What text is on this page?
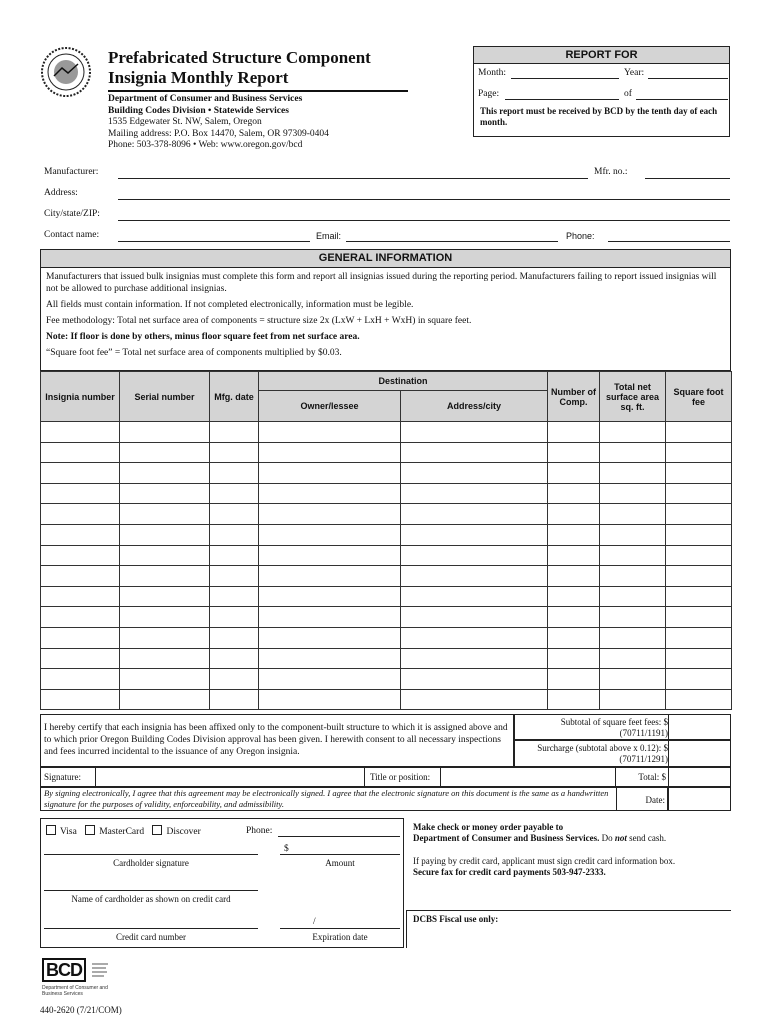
Prefabricated Structure Component
Insignia Monthly Report
Department of Consumer and Business Services
Building Codes Division • Statewide Services
1535 Edgewater St. NW, Salem, Oregon
Mailing address: P.O. Box 14470, Salem, OR 97309-0404
Phone: 503-378-8096 • Web: www.oregon.gov/bcd
REPORT FOR
Month:	Year:
Page:	of
This report must be received by BCD by the tenth day of each month.
Manufacturer:	Mfr. no.:
Address:
City/state/ZIP:
Contact name:	Email:	Phone:
GENERAL INFORMATION
Manufacturers that issued bulk insignias must complete this form and report all insignias issued during the reporting period. Manufacturers failing to report issued insignias will not be allowed to purchase additional insignias.
All fields must contain information. If not completed electronically, information must be legible.
Fee methodology: Total net surface area of components = structure size 2x (LxW + LxH + WxH) in square feet.
Note: If floor is done by others, minus floor square feet from net surface area.
“Square foot fee” = Total net surface area of components multiplied by $0.03.
Insignia number	Serial number	Mfg. date	Destination		Number of Comp.	Total net surface area sq. ft.	Square foot fee
			Owner/lessee	Address/city			

I hereby certify that each insignia has been affixed only to the component-built structure to which it is assigned above and to which prior Oregon Building Codes Division approval has been given. I herewith consent to all necessary inspections and fees incurred incidental to the issuance of any Oregon insignia.
Subtotal of square feet fees: $
(70711/1191)
Surcharge (subtotal above x 0.12): $
(70711/1291)
Signature:	Title or position:	Total: $
By signing electronically, I agree that this agreement may be electronically signed. I agree that the electronic signature on this document is the same as a handwritten signature for the purposes of validity, enforceability, and admissibility.	Date:
Visa MasterCard Discover	Phone:
$
Cardholder signature	Amount
Name of cardholder as shown on credit card
/
Credit card number	Expiration date
Make check or money order payable to
Department of Consumer and Business Services. Do not send cash.
If paying by credit card, applicant must sign credit card information box.
Secure fax for credit card payments 503-947-2333.
DCBS Fiscal use only:
BCD
Department of Consumer and Business Services
440-2620 (7/21/COM)
